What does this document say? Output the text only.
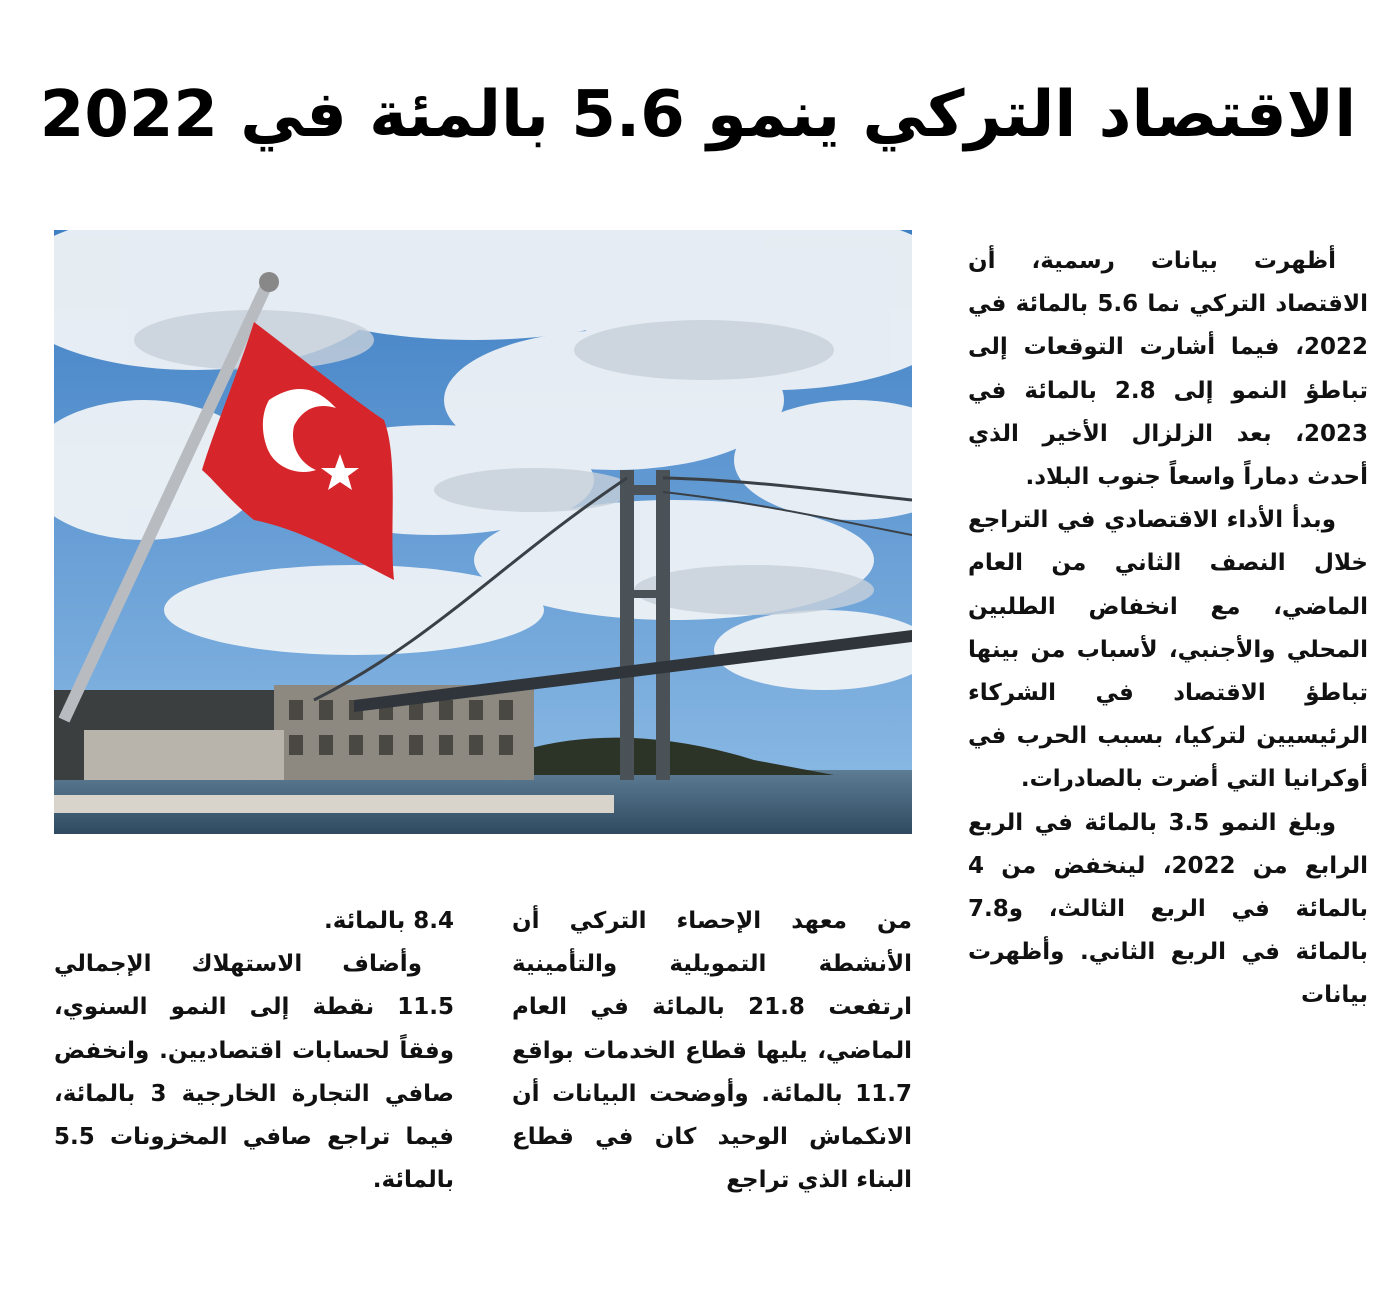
الاقتصاد التركي ينمو 5.6 بالمئة في 2022

أظهرت بيانات رسمية، أن الاقتصاد التركي نما 5.6 بالمائة في 2022، فيما أشارت التوقعات إلى تباطؤ النمو إلى 2.8 بالمائة في 2023، بعد الزلزال الأخير الذي أحدث دماراً واسعاً جنوب البلاد.

وبدأ الأداء الاقتصادي في التراجع خلال النصف الثاني من العام الماضي، مع انخفاض الطلبين المحلي والأجنبي، لأسباب من بينها تباطؤ الاقتصاد في الشركاء الرئيسيين لتركيا، بسبب الحرب في أوكرانيا التي أضرت بالصادرات.

وبلغ النمو 3.5 بالمائة في الربع الرابع من 2022، لينخفض من 4 بالمائة في الربع الثالث، و7.8 بالمائة في الربع الثاني. وأظهرت بيانات

من معهد الإحصاء التركي أن الأنشطة التمويلية والتأمينية ارتفعت 21.8 بالمائة في العام الماضي، يليها قطاع الخدمات بواقع 11.7 بالمائة. وأوضحت البيانات أن الانكماش الوحيد كان في قطاع البناء الذي تراجع

8.4 بالمائة.

وأضاف الاستهلاك الإجمالي 11.5 نقطة إلى النمو السنوي، وفقاً لحسابات اقتصاديين. وانخفض صافي التجارة الخارجية 3 بالمائة، فيما تراجع صافي المخزونات 5.5 بالمائة.
